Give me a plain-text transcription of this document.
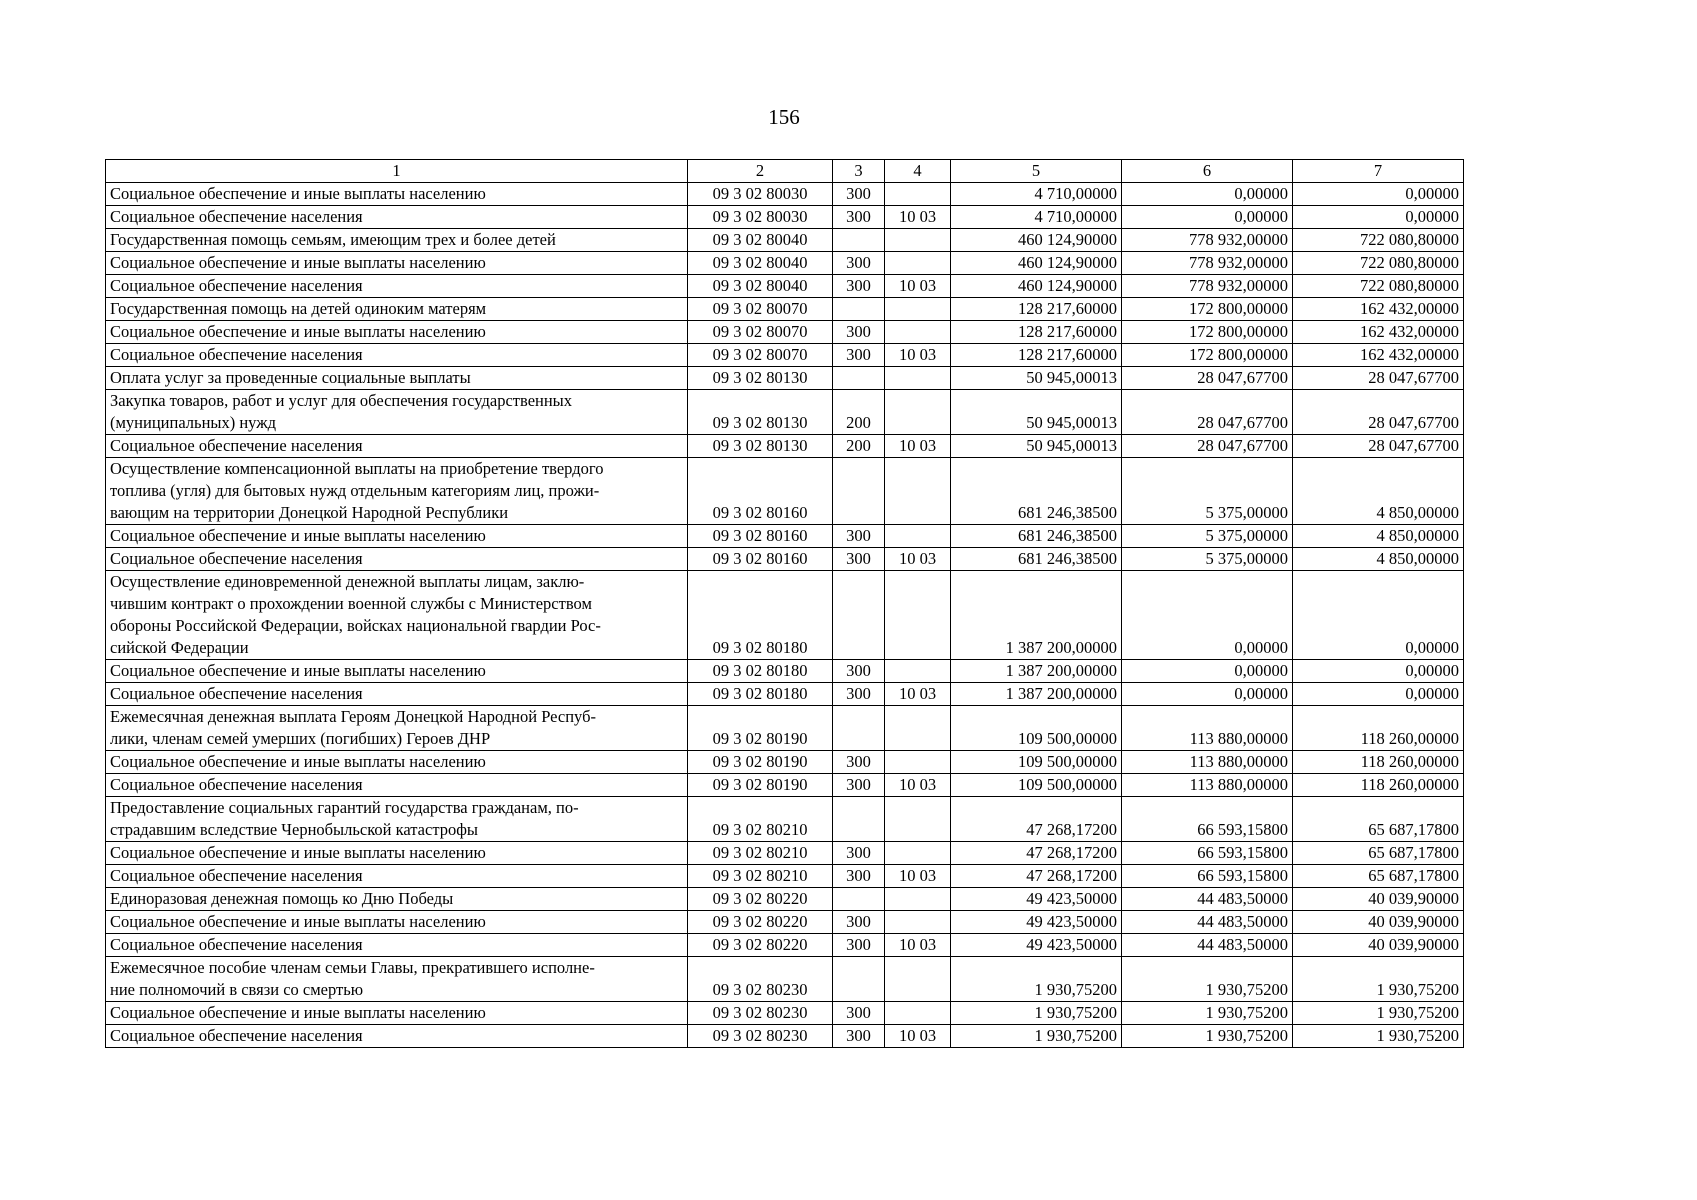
156
1	2	3	4	5	6	7

Социальное обеспечение и иные выплаты населению	09 3 02 80030	300		4 710,00000	0,00000	0,00000

Социальное обеспечение населения	09 3 02 80030	300	10 03	4 710,00000	0,00000	0,00000

Государственная помощь семьям, имеющим трех и более детей	09 3 02 80040			460 124,90000	778 932,00000	722 080,80000

Социальное обеспечение и иные выплаты населению	09 3 02 80040	300		460 124,90000	778 932,00000	722 080,80000

Социальное обеспечение населения	09 3 02 80040	300	10 03	460 124,90000	778 932,00000	722 080,80000

Государственная помощь на детей одиноким матерям	09 3 02 80070			128 217,60000	172 800,00000	162 432,00000

Социальное обеспечение и иные выплаты населению	09 3 02 80070	300		128 217,60000	172 800,00000	162 432,00000

Социальное обеспечение населения	09 3 02 80070	300	10 03	128 217,60000	172 800,00000	162 432,00000

Оплата услуг за проведенные социальные выплаты	09 3 02 80130			50 945,00013	28 047,67700	28 047,67700

Закупка товаров, работ и услуг для обеспечения государственных
(муниципальных) нужд	09 3 02 80130	200		50 945,00013	28 047,67700	28 047,67700

Социальное обеспечение населения	09 3 02 80130	200	10 03	50 945,00013	28 047,67700	28 047,67700

Осуществление компенсационной выплаты на приобретение твердого
топлива (угля) для бытовых нужд отдельным категориям лиц, прожи-
вающим на территории Донецкой Народной Республики	09 3 02 80160			681 246,38500	5 375,00000	4 850,00000

Социальное обеспечение и иные выплаты населению	09 3 02 80160	300		681 246,38500	5 375,00000	4 850,00000

Социальное обеспечение населения	09 3 02 80160	300	10 03	681 246,38500	5 375,00000	4 850,00000

Осуществление единовременной денежной выплаты лицам, заклю-
чившим контракт о прохождении военной службы с Министерством
обороны Российской Федерации, войсках национальной гвардии Рос-
сийской Федерации	09 3 02 80180			1 387 200,00000	0,00000	0,00000

Социальное обеспечение и иные выплаты населению	09 3 02 80180	300		1 387 200,00000	0,00000	0,00000

Социальное обеспечение населения	09 3 02 80180	300	10 03	1 387 200,00000	0,00000	0,00000

Ежемесячная денежная выплата Героям Донецкой Народной Респуб-
лики, членам семей умерших (погибших) Героев ДНР	09 3 02 80190			109 500,00000	113 880,00000	118 260,00000

Социальное обеспечение и иные выплаты населению	09 3 02 80190	300		109 500,00000	113 880,00000	118 260,00000

Социальное обеспечение населения	09 3 02 80190	300	10 03	109 500,00000	113 880,00000	118 260,00000

Предоставление социальных гарантий государства гражданам, по-
страдавшим вследствие Чернобыльской катастрофы	09 3 02 80210			47 268,17200	66 593,15800	65 687,17800

Социальное обеспечение и иные выплаты населению	09 3 02 80210	300		47 268,17200	66 593,15800	65 687,17800

Социальное обеспечение населения	09 3 02 80210	300	10 03	47 268,17200	66 593,15800	65 687,17800

Единоразовая денежная помощь ко Дню Победы	09 3 02 80220			49 423,50000	44 483,50000	40 039,90000

Социальное обеспечение и иные выплаты населению	09 3 02 80220	300		49 423,50000	44 483,50000	40 039,90000

Социальное обеспечение населения	09 3 02 80220	300	10 03	49 423,50000	44 483,50000	40 039,90000

Ежемесячное пособие членам семьи Главы, прекратившего исполне-
ние полномочий в связи со смертью	09 3 02 80230			1 930,75200	1 930,75200	1 930,75200

Социальное обеспечение и иные выплаты населению	09 3 02 80230	300		1 930,75200	1 930,75200	1 930,75200

Социальное обеспечение населения	09 3 02 80230	300	10 03	1 930,75200	1 930,75200	1 930,75200
